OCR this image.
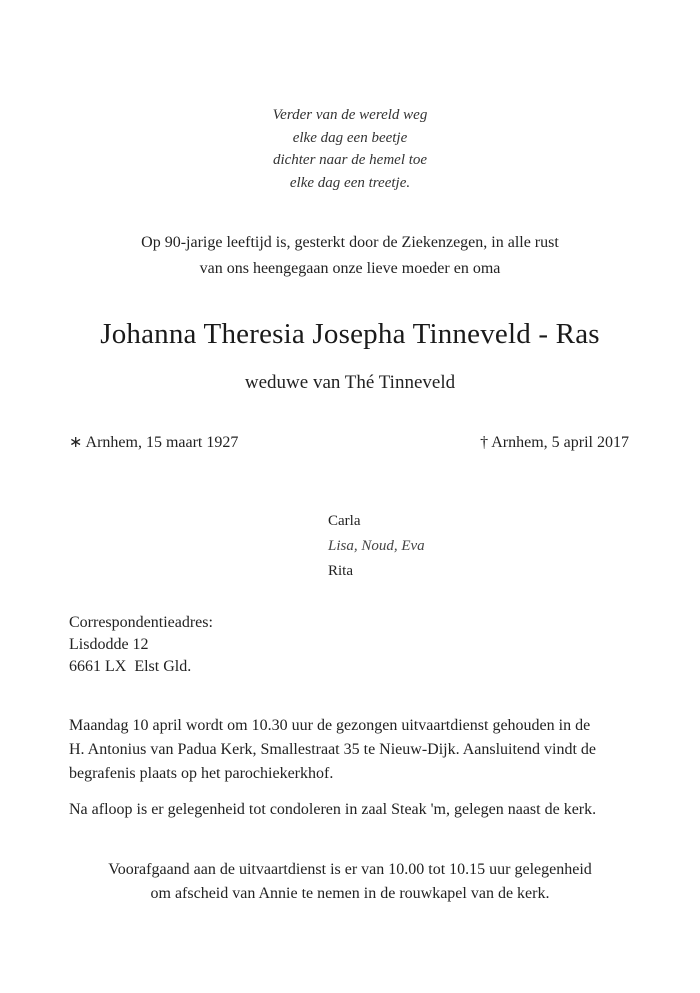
Verder van de wereld weg
elke dag een beetje
dichter naar de hemel toe
elke dag een treetje.
Op 90-jarige leeftijd is, gesterkt door de Ziekenzegen, in alle rust
van ons heengegaan onze lieve moeder en oma
Johanna Theresia Josepha Tinneveld - Ras
weduwe van Thé Tinneveld
∗ Arnhem, 15 maart 1927	† Arnhem, 5 april 2017
Carla
Lisa, Noud, Eva
Rita
Correspondentieadres:
Lisdodde 12
6661 LX  Elst Gld.
Maandag 10 april wordt om 10.30 uur de gezongen uitvaartdienst gehouden in de
H. Antonius van Padua Kerk, Smallestraat 35 te Nieuw-Dijk. Aansluitend vindt de
begrafenis plaats op het parochiekerkhof.
Na afloop is er gelegenheid tot condoleren in zaal Steak 'm, gelegen naast de kerk.
Voorafgaand aan de uitvaartdienst is er van 10.00 tot 10.15 uur gelegenheid
om afscheid van Annie te nemen in de rouwkapel van de kerk.
